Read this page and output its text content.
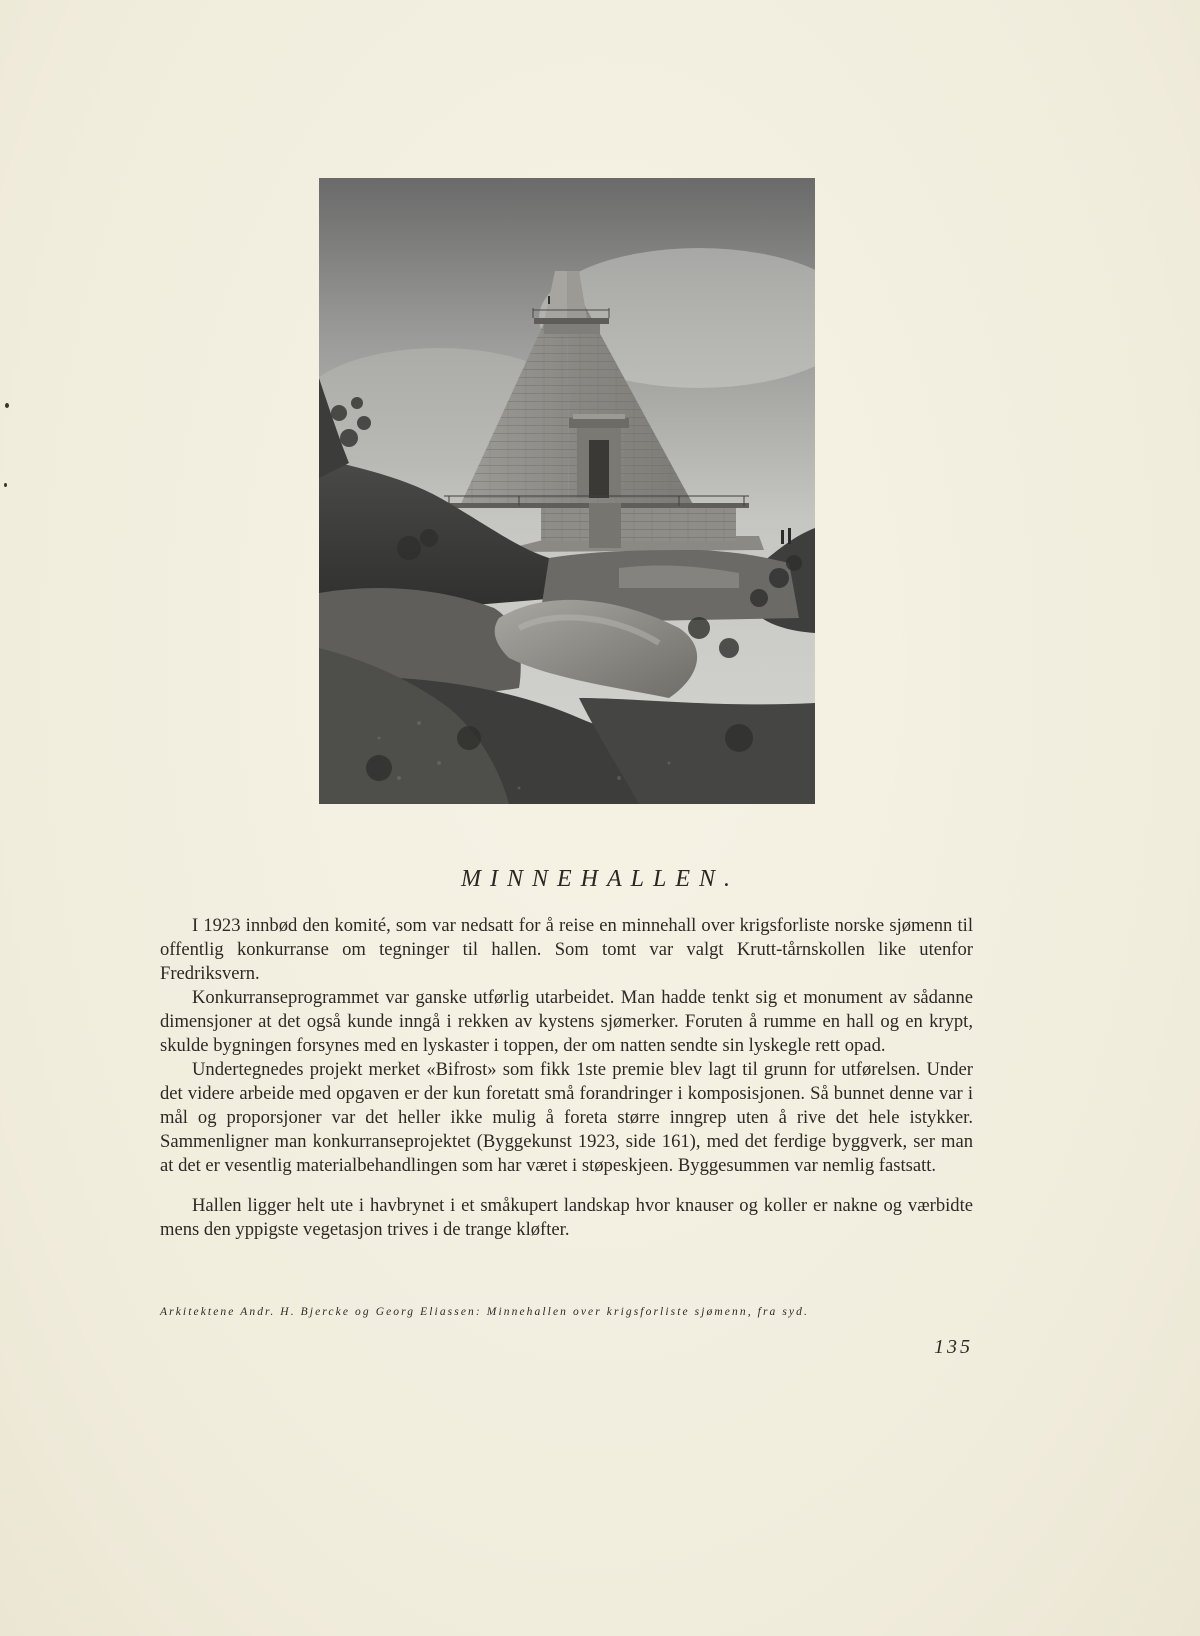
MINNEHALLEN.

I 1923 innbød den komité, som var nedsatt for å reise en minnehall over krigsforliste norske sjømenn til offentlig konkurranse om tegninger til hallen. Som tomt var valgt Krutt-tårnskollen like utenfor Fredriksvern.

Konkurranseprogrammet var ganske utførlig utarbeidet. Man hadde tenkt sig et monument av sådanne dimensjoner at det også kunde inngå i rekken av kystens sjømerker. Foruten å rumme en hall og en krypt, skulde bygningen forsynes med en lyskaster i toppen, der om natten sendte sin lyskegle rett opad.

Undertegnedes projekt merket «Bifrost» som fikk 1ste premie blev lagt til grunn for utførelsen. Under det videre arbeide med opgaven er der kun foretatt små forandringer i komposisjonen. Så bunnet denne var i mål og proporsjoner var det heller ikke mulig å foreta større inngrep uten å rive det hele istykker. Sammenligner man konkurranseprojektet (Byggekunst 1923, side 161), med det ferdige byggverk, ser man at det er vesentlig materialbehandlingen som har været i støpeskjeen. Byggesummen var nemlig fastsatt.

Hallen ligger helt ute i havbrynet i et småkupert landskap hvor knauser og koller er nakne og værbidte mens den yppigste vegetasjon trives i de trange kløfter.

Arkitektene Andr. H. Bjercke og Georg Eliassen: Minnehallen over krigsforliste sjømenn, fra syd.
135
